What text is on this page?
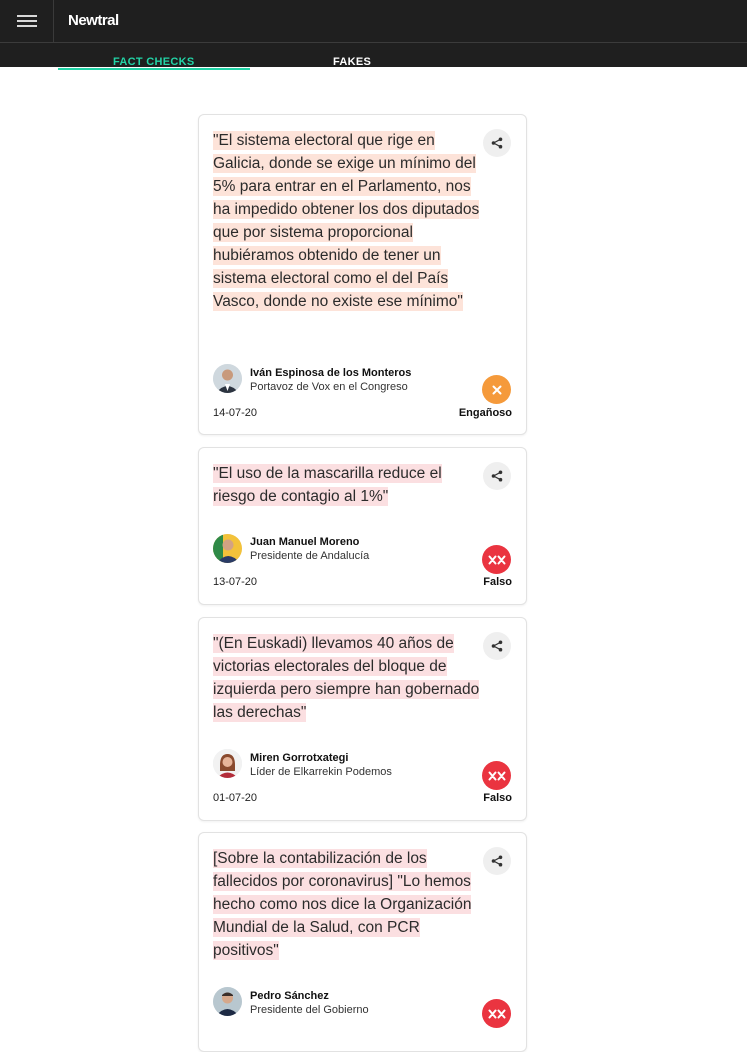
Newtral
FACT CHECKS	FAKES
"El sistema electoral que rige en Galicia, donde se exige un mínimo del 5% para entrar en el Parlamento, nos ha impedido obtener los dos diputados que por sistema proporcional hubiéramos obtenido de tener un sistema electoral como el del País Vasco, donde no existe ese mínimo"
Iván Espinosa de los Monteros
Portavoz de Vox en el Congreso
14-07-20	Engañoso
"El uso de la mascarilla reduce el riesgo de contagio al 1%"
Juan Manuel Moreno
Presidente de Andalucía
13-07-20	Falso
"(En Euskadi) llevamos 40 años de victorias electorales del bloque de izquierda pero siempre han gobernado las derechas"
Miren Gorrotxategi
Líder de Elkarrekin Podemos
01-07-20	Falso
[Sobre la contabilización de los fallecidos por coronavirus] "Lo hemos hecho como nos dice la Organización Mundial de la Salud, con PCR positivos"
Pedro Sánchez
Presidente del Gobierno
